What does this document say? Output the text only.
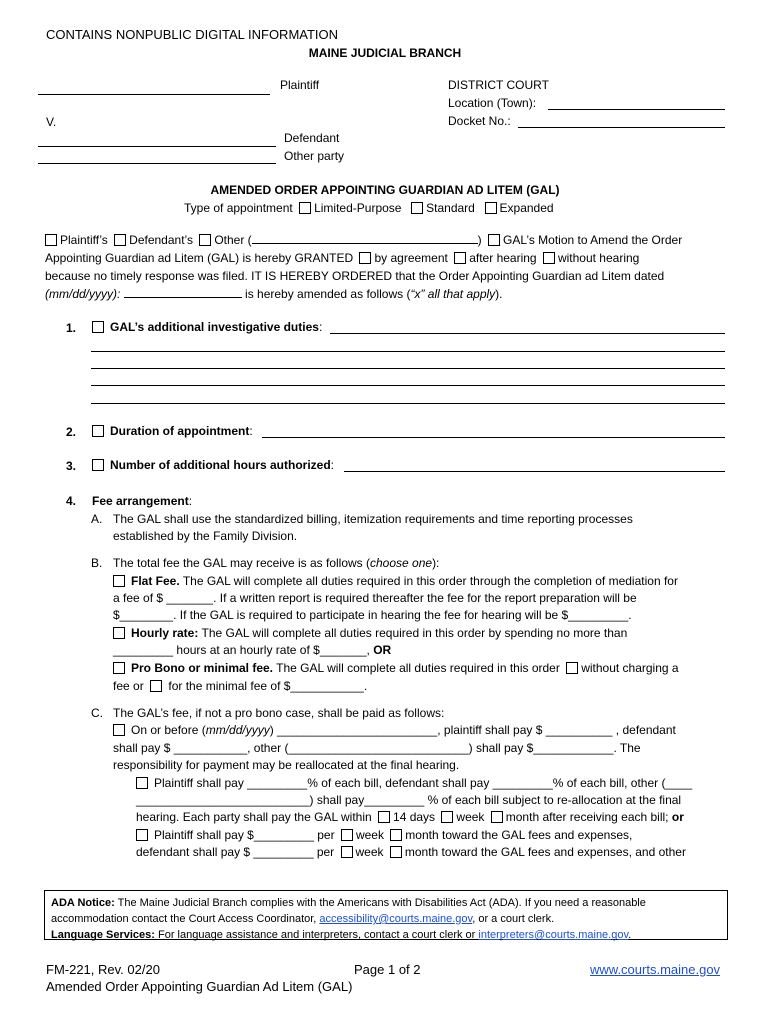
CONTAINS NONPUBLIC DIGITAL INFORMATION
MAINE JUDICIAL BRANCH
Plaintiff
V.
Defendant
Other party
DISTRICT COURT
Location (Town):
Docket No.:
AMENDED ORDER APPOINTING GUARDIAN AD LITEM (GAL)
Type of appointment Limited-Purpose Standard Expanded
Plaintiff’s Defendant’s Other (	) GAL’s Motion to Amend the Order
Appointing Guardian ad Litem (GAL) is hereby GRANTED by agreement after hearing without hearing
because no timely response was filed. IT IS HEREBY ORDERED that the Order Appointing Guardian ad Litem dated
(mm/dd/yyyy):	is hereby amended as follows (“x” all that apply).
1.	GAL’s additional investigative duties:
2.	Duration of appointment:
3.	Number of additional hours authorized:
4. Fee arrangement:
A. The GAL shall use the standardized billing, itemization requirements and time reporting processes
established by the Family Division.
B. The total fee the GAL may receive is as follows (choose one):
Flat Fee. The GAL will complete all duties required in this order through the completion of mediation for
a fee of $ _______. If a written report is required thereafter the fee for the report preparation will be
$________. If the GAL is required to participate in hearing the fee for hearing will be $_________.
Hourly rate: The GAL will complete all duties required in this order by spending no more than
_________ hours at an hourly rate of $_______, OR
Pro Bono or minimal fee. The GAL will complete all duties required in this order without charging a
fee or for the minimal fee of $___________.
C. The GAL’s fee, if not a pro bono case, shall be paid as follows:
On or before (mm/dd/yyyy) ________________________, plaintiff shall pay $ __________ , defendant
shall pay $ ___________, other (___________________________) shall pay $____________. The
responsibility for payment may be reallocated at the final hearing.
Plaintiff shall pay _________% of each bill, defendant shall pay _________% of each bill, other (____
__________________________) shall pay_________ % of each bill subject to re-allocation at the final
hearing. Each party shall pay the GAL within 14 days week month after receiving each bill; or
Plaintiff shall pay $_________ per week month toward the GAL fees and expenses,
defendant shall pay $ _________ per week month toward the GAL fees and expenses, and other
ADA Notice: The Maine Judicial Branch complies with the Americans with Disabilities Act (ADA). If you need a reasonable accommodation contact the Court Access Coordinator, accessibility@courts.maine.gov, or a court clerk.
Language Services: For language assistance and interpreters, contact a court clerk or interpreters@courts.maine.gov.
FM-221, Rev. 02/20	Page 1 of 2	www.courts.maine.gov
Amended Order Appointing Guardian Ad Litem (GAL)
